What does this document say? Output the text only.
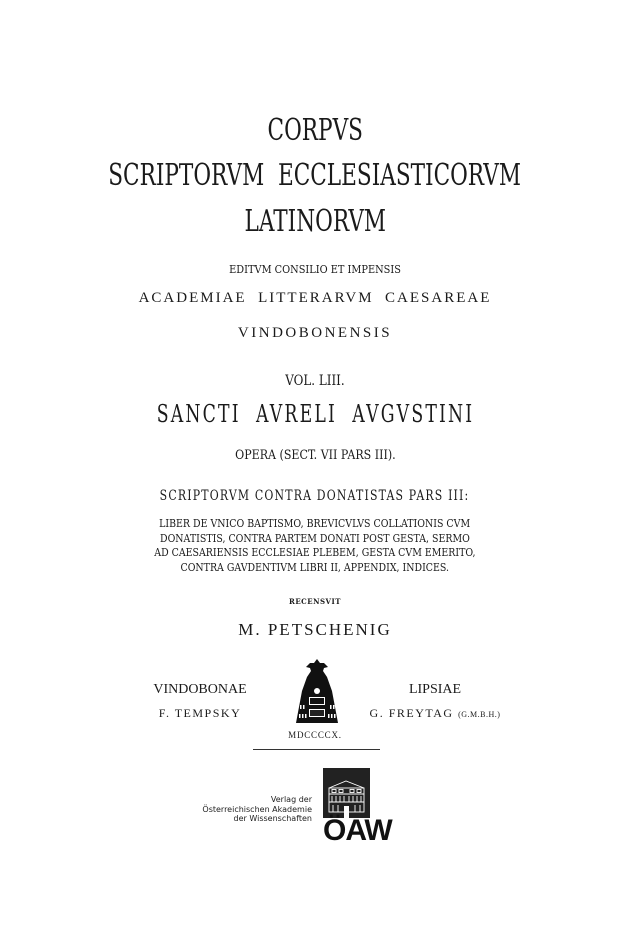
CORPVS
SCRIPTORVM  ECCLESIASTICORVM
LATINORVM
EDITVM CONSILIO ET IMPENSIS
ACADEMIAE  LITTERARVM  CAESAREAE
VINDOBONENSIS
VOL. LIII.
SANCTI  AVRELI  AVGVSTINI
OPERA (SECT. VII PARS III).
SCRIPTORVM CONTRA DONATISTAS PARS III:
LIBER DE VNICO BAPTISMO, BREVICVLVS COLLATIONIS CVM
DONATISTIS, CONTRA PARTEM DONATI POST GESTA, SERMO
AD CAESARIENSIS ECCLESIAE PLEBEM, GESTA CVM EMERITO,
CONTRA GAVDENTIVM LIBRI II, APPENDIX, INDICES.
RECENSVIT
M. PETSCHENIG
VINDOBONAE
F. TEMPSKY
LIPSIAE
G. FREYTAG (G.M.B.H.)
MDCCCCX.
Verlag der
Österreichischen Akademie
der Wissenschaften ÖAW
